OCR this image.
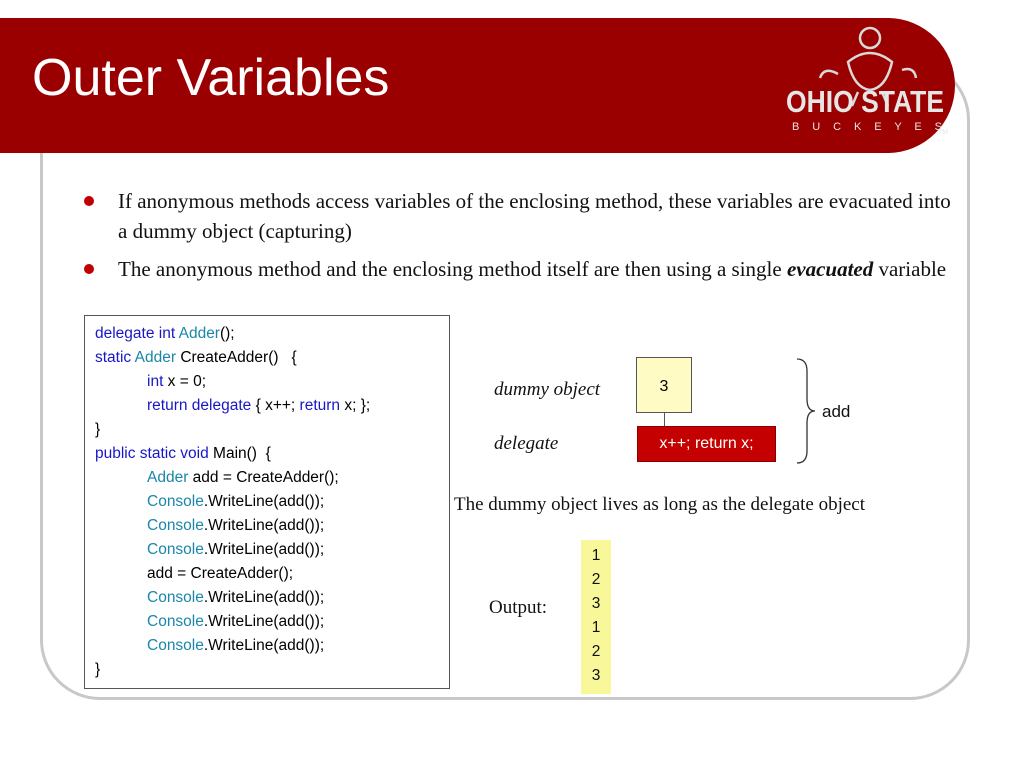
Outer Variables	OHIO STATE
B U C K E Y E S
TM
If anonymous methods access variables of the enclosing method, these variables are evacuated into a dummy object (capturing)
The anonymous method and the enclosing method itself are then using a single evacuated variable
delegate int Adder();
static Adder CreateAdder()   {
int x = 0;
return delegate { x++; return x; };
}
public static void Main()  {
Adder add = CreateAdder();
Console.WriteLine(add());
Console.WriteLine(add());
Console.WriteLine(add());
add = CreateAdder();
Console.WriteLine(add());
Console.WriteLine(add());
Console.WriteLine(add());
}
dummy object	3
delegate	x++; return x;
add
The dummy object lives as long as the delegate object
Output:
1
2
3
1
2
3
